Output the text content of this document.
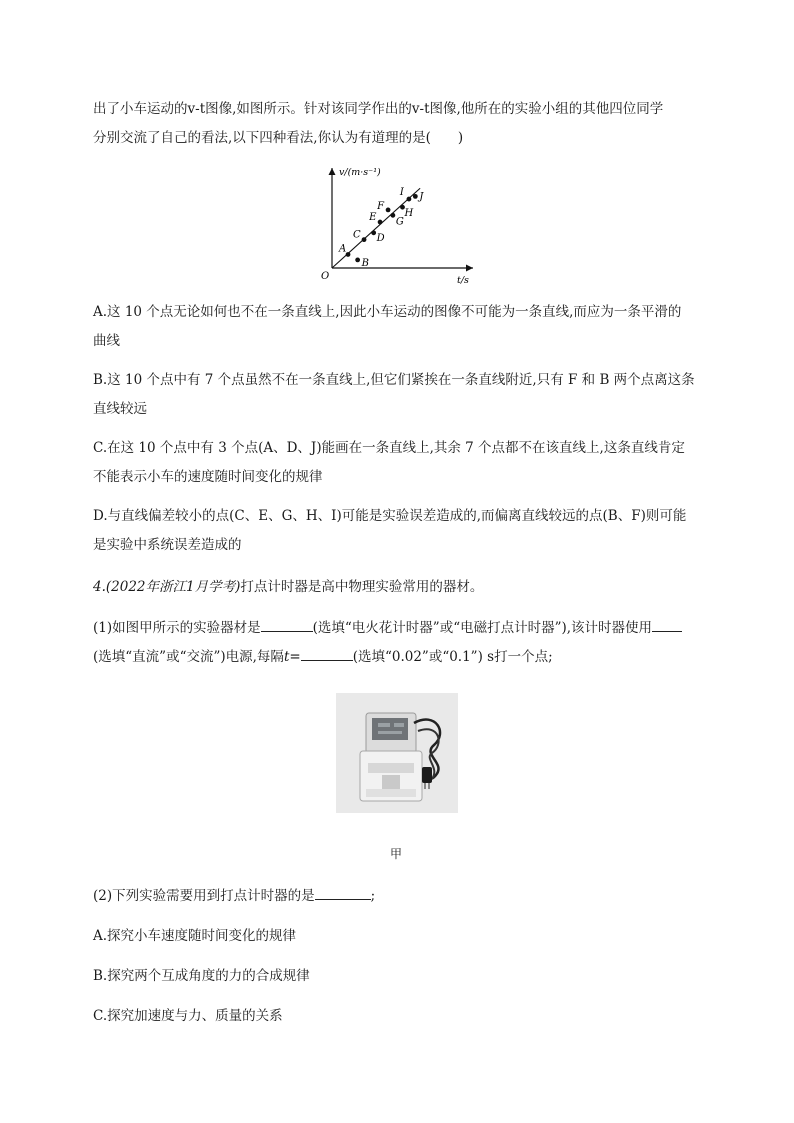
出了小车运动的v-t图像,如图所示。针对该同学作出的v-t图像,他所在的实验小组的其他四位同学

分别交流了自己的看法,以下四种看法,你认为有道理的是(　　)

v/(m·s⁻¹)
t/s
O
A
B
C D
E
F
G
H
I J

A.这 10 个点无论如何也不在一条直线上,因此小车运动的图像不可能为一条直线,而应为一条平滑的

曲线

B.这 10 个点中有 7 个点虽然不在一条直线上,但它们紧挨在一条直线附近,只有 F 和 B 两个点离这条

直线较远

C.在这 10 个点中有 3 个点(A、D、J)能画在一条直线上,其余 7 个点都不在该直线上,这条直线肯定

不能表示小车的速度随时间变化的规律

D.与直线偏差较小的点(C、E、G、H、I)可能是实验误差造成的,而偏离直线较远的点(B、F)则可能

是实验中系统误差造成的

4.(2022年浙江1月学考)打点计时器是高中物理实验常用的器材。

(1)如图甲所示的实验器材是	(选填“电火花计时器”或“电磁打点计时器”),该计时器使用

(选填“直流”或“交流”)电源,每隔t=	(选填“0.02”或“0.1”) s打一个点;

甲

(2)下列实验需要用到打点计时器的是	;

A.探究小车速度随时间变化的规律

B.探究两个互成角度的力的合成规律

C.探究加速度与力、质量的关系
